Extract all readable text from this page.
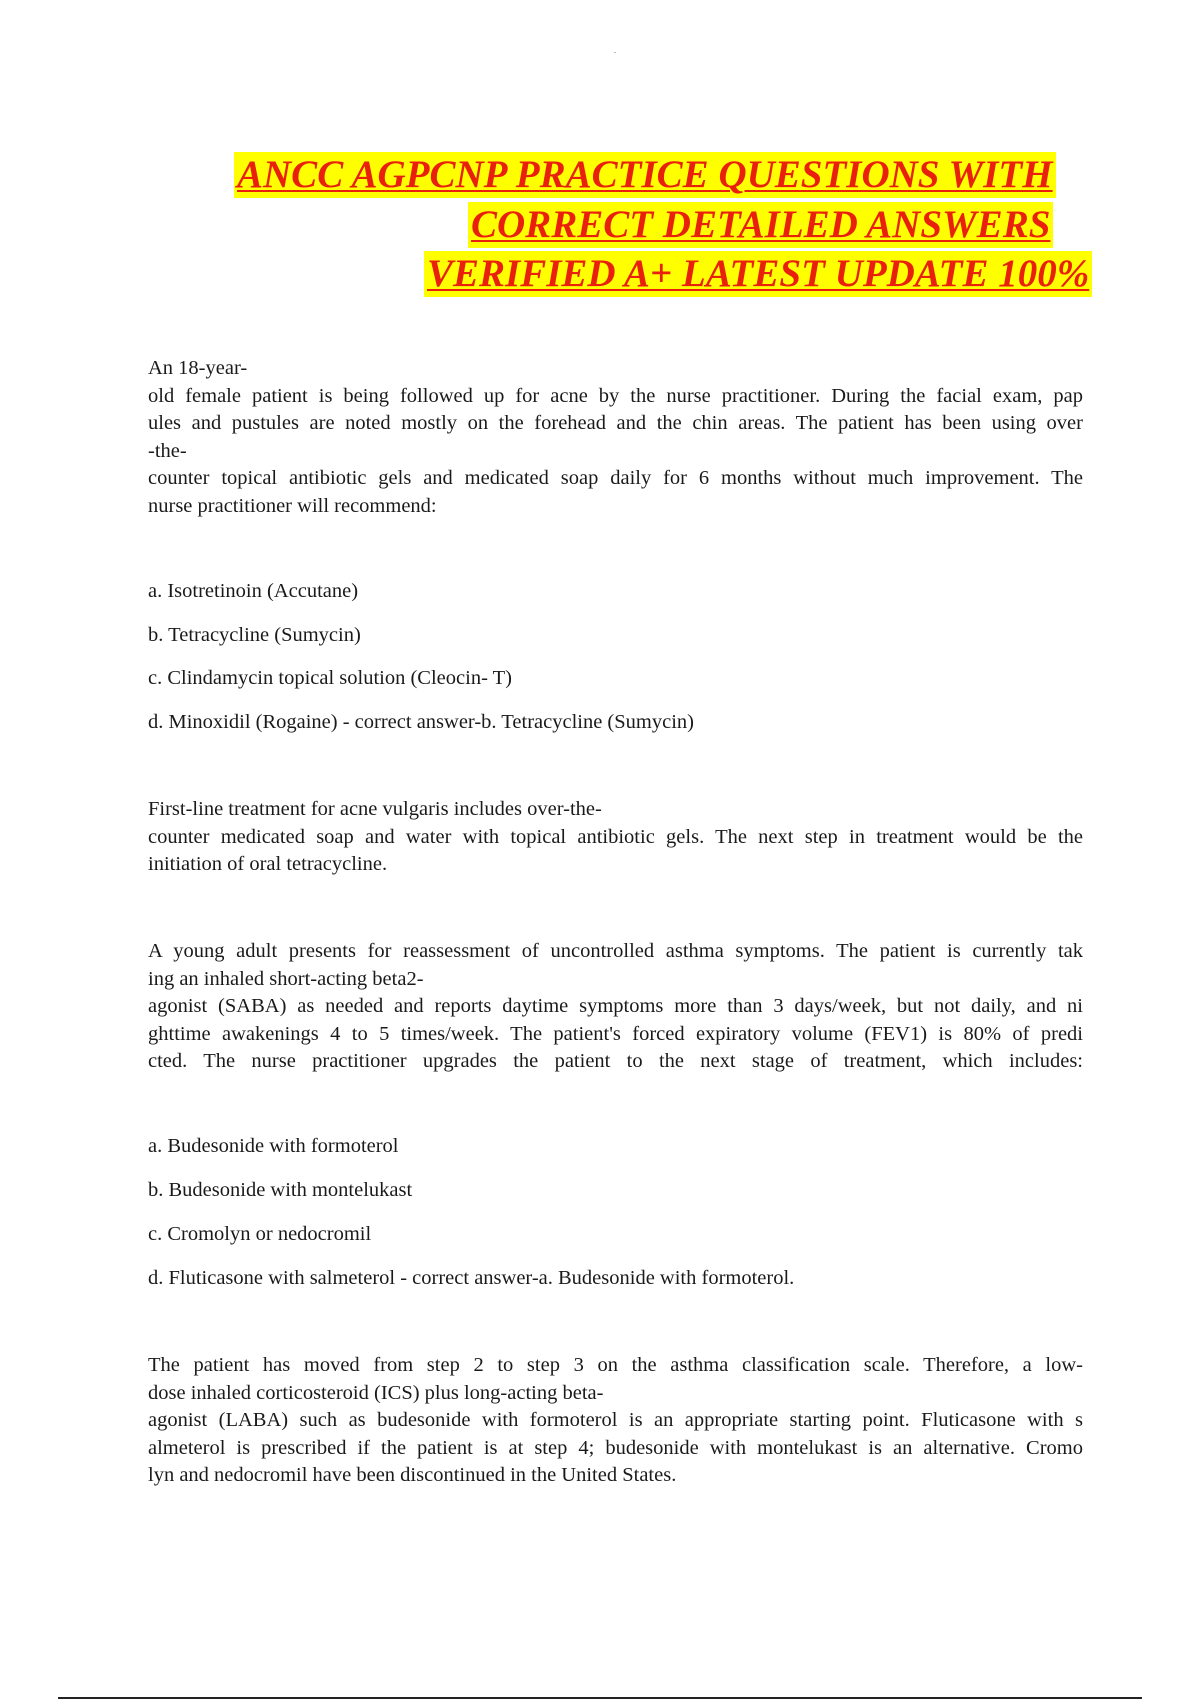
ANCC AGPCNP PRACTICE QUESTIONS WITH
CORRECT DETAILED ANSWERS
VERIFIED A+ LATEST UPDATE 100%
An 18-year-
old female patient is being followed up for acne by the nurse practitioner. During the facial exam, pap
ules and pustules are noted mostly on the forehead and the chin areas. The patient has been using over
-the-
counter topical antibiotic gels and medicated soap daily for 6 months without much improvement. The
nurse practitioner will recommend:

a. Isotretinoin (Accutane)

b. Tetracycline (Sumycin)

c. Clindamycin topical solution (Cleocin- T)

d. Minoxidil (Rogaine) - correct answer-b. Tetracycline (Sumycin)

First-line treatment for acne vulgaris includes over-the-
counter medicated soap and water with topical antibiotic gels. The next step in treatment would be the
initiation of oral tetracycline.
A young adult presents for reassessment of uncontrolled asthma symptoms. The patient is currently tak
ing an inhaled short-acting beta2-
agonist (SABA) as needed and reports daytime symptoms more than 3 days/week, but not daily, and ni
ghttime awakenings 4 to 5 times/week. The patient's forced expiratory volume (FEV1) is 80% of predi
cted. The nurse practitioner upgrades the patient to the next stage of treatment, which includes:

a. Budesonide with formoterol

b. Budesonide with montelukast

c. Cromolyn or nedocromil

d. Fluticasone with salmeterol - correct answer-a. Budesonide with formoterol.

The patient has moved from step 2 to step 3 on the asthma classification scale. Therefore, a low-
dose inhaled corticosteroid (ICS) plus long-acting beta-
agonist (LABA) such as budesonide with formoterol is an appropriate starting point. Fluticasone with s
almeterol is prescribed if the patient is at step 4; budesonide with montelukast is an alternative. Cromo
lyn and nedocromil have been discontinued in the United States.
